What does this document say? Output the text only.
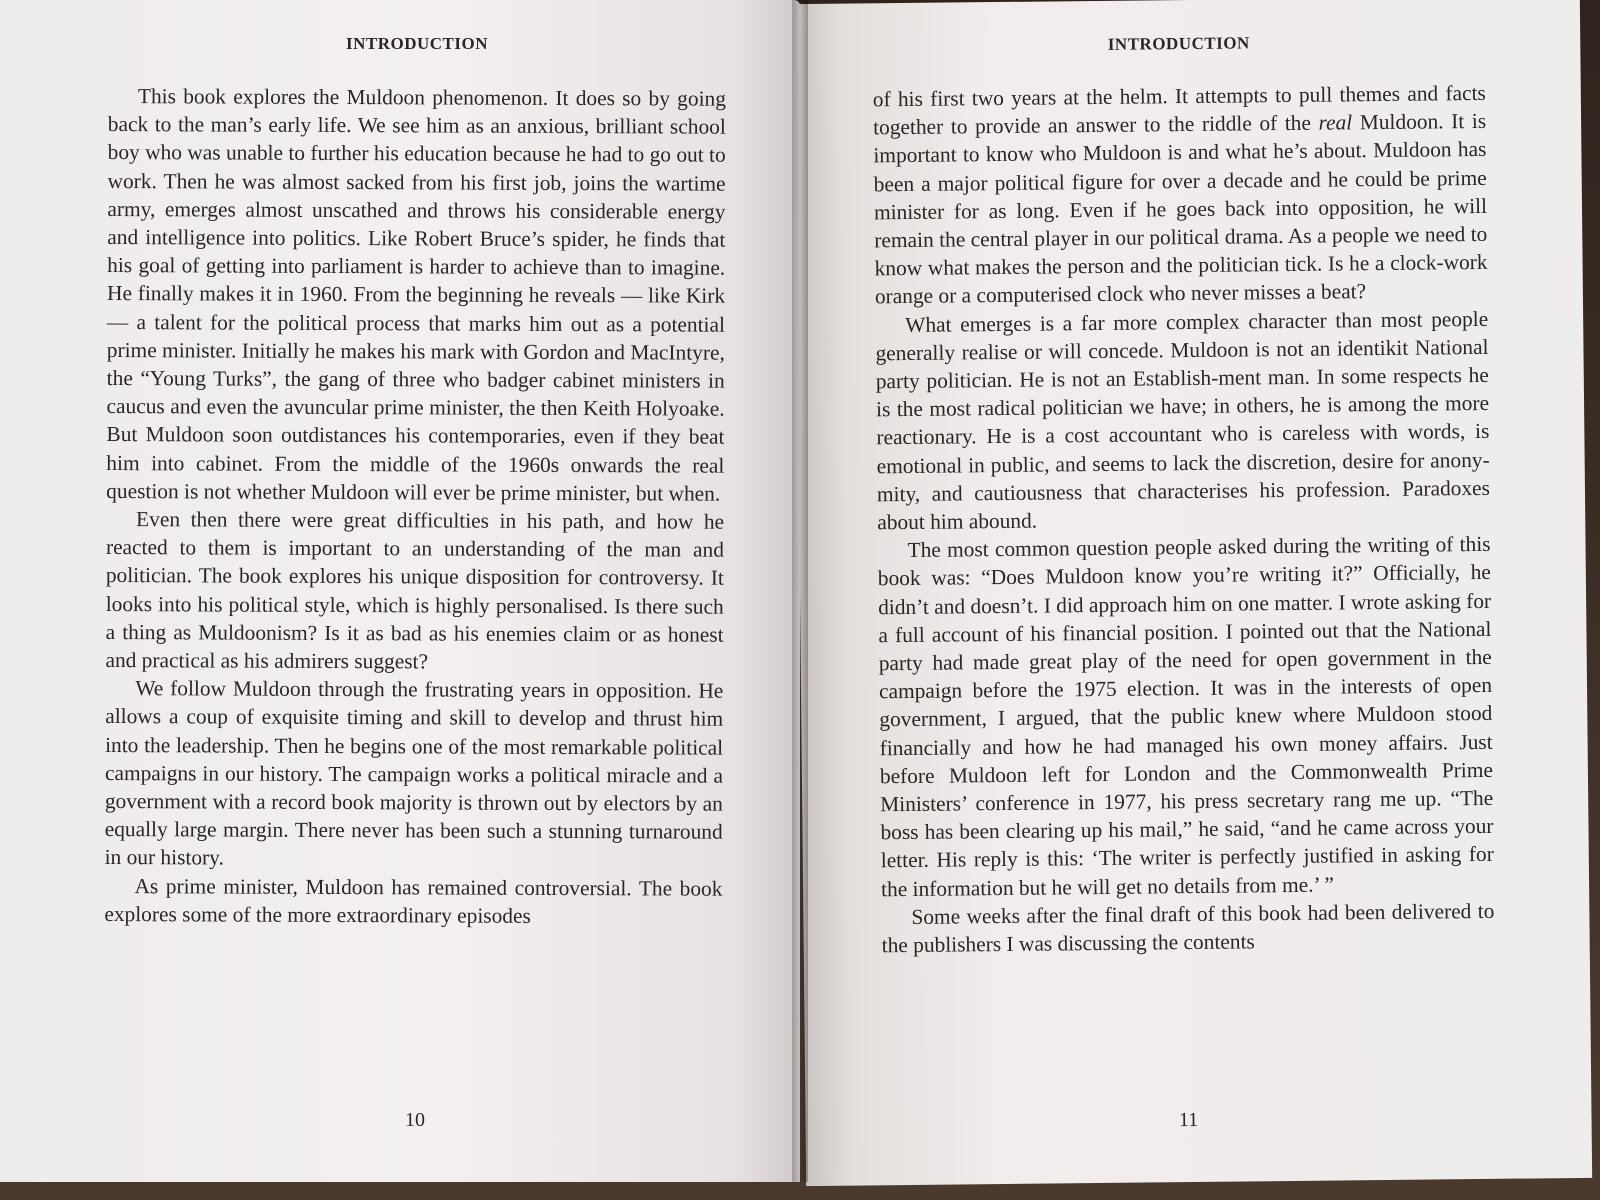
INTRODUCTION

This book explores the Muldoon phenomenon. It does so by going back to the man’s early life. We see him as an anxious, brilliant school boy who was unable to further his education because he had to go out to work. Then he was almost sacked from his first job, joins the wartime army, emerges almost unscathed and throws his considerable energy and intelligence into politics. Like Robert Bruce’s spider, he finds that his goal of getting into parliament is harder to achieve than to imagine. He finally makes it in 1960. From the beginning he reveals — like Kirk — a talent for the political process that marks him out as a potential prime minister. Initially he makes his mark with Gordon and MacIntyre, the “Young Turks”, the gang of three who badger cabinet ministers in caucus and even the avuncular prime minister, the then Keith Holyoake. But Muldoon soon outdistances his contemporaries, even if they beat him into cabinet. From the middle of the 1960s onwards the real question is not whether Muldoon will ever be prime minister, but when.

Even then there were great difficulties in his path, and how he reacted to them is important to an understanding of the man and politician. The book explores his unique disposition for controversy. It looks into his political style, which is highly personalised. Is there such a thing as Muldoonism? Is it as bad as his enemies claim or as honest and practical as his admirers suggest?

We follow Muldoon through the frustrating years in opposition. He allows a coup of exquisite timing and skill to develop and thrust him into the leadership. Then he begins one of the most remarkable political campaigns in our history. The campaign works a political miracle and a government with a record book majority is thrown out by electors by an equally large margin. There never has been such a stunning turnaround in our history.

As prime minister, Muldoon has remained controversial. The book explores some of the more extraordinary episodes

10
INTRODUCTION

of his first two years at the helm. It attempts to pull themes and facts together to provide an answer to the riddle of the real Muldoon. It is important to know who Muldoon is and what he’s about. Muldoon has been a major political figure for over a decade and he could be prime minister for as long. Even if he goes back into opposition, he will remain the central player in our political drama. As a people we need to know what makes the person and the politician tick. Is he a clock-work orange or a computerised clock who never misses a beat?

What emerges is a far more complex character than most people generally realise or will concede. Muldoon is not an identikit National party politician. He is not an Establish-ment man. In some respects he is the most radical politician we have; in others, he is among the more reactionary. He is a cost accountant who is careless with words, is emotional in public, and seems to lack the discretion, desire for anony-mity, and cautiousness that characterises his profession. Paradoxes about him abound.

The most common question people asked during the writing of this book was: “Does Muldoon know you’re writing it?” Officially, he didn’t and doesn’t. I did approach him on one matter. I wrote asking for a full account of his financial position. I pointed out that the National party had made great play of the need for open government in the campaign before the 1975 election. It was in the interests of open government, I argued, that the public knew where Muldoon stood financially and how he had managed his own money affairs. Just before Muldoon left for London and the Commonwealth Prime Ministers’ conference in 1977, his press secretary rang me up. “The boss has been clearing up his mail,” he said, “and he came across your letter. His reply is this: ‘The writer is perfectly justified in asking for the information but he will get no details from me.’ ”

Some weeks after the final draft of this book had been delivered to the publishers I was discussing the contents

11
